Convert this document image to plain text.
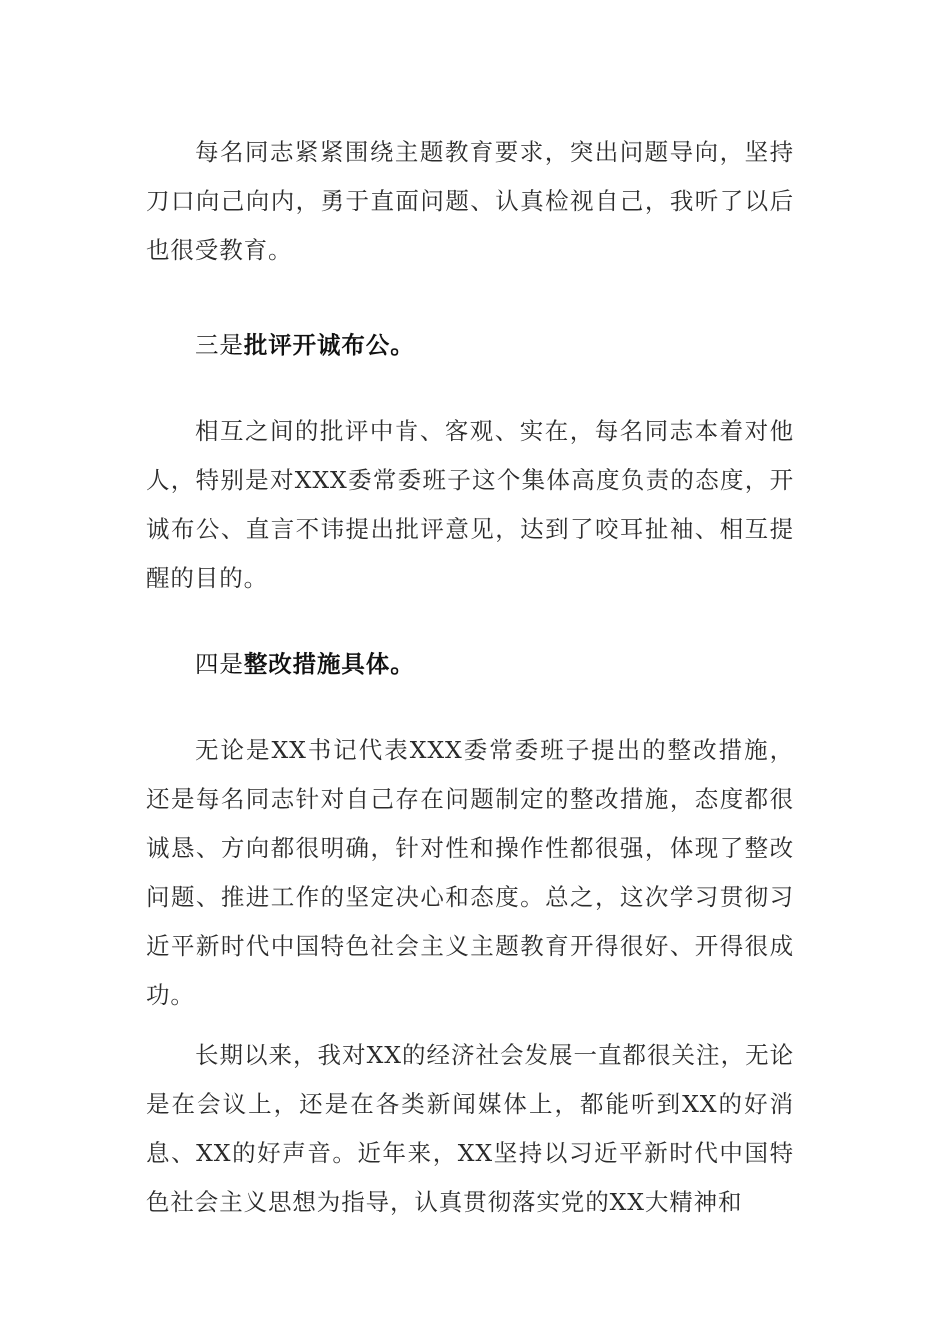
每名同志紧紧围绕主题教育要求，突出问题导向，坚持刀口向己向内，勇于直面问题、认真检视自己，我听了以后也很受教育。

三是批评开诚布公。

相互之间的批评中肯、客观、实在，每名同志本着对他人，特别是对XXX委常委班子这个集体高度负责的态度，开诚布公、直言不讳提出批评意见，达到了咬耳扯袖、相互提醒的目的。

四是整改措施具体。

无论是XX书记代表XXX委常委班子提出的整改措施，还是每名同志针对自己存在问题制定的整改措施，态度都很诚恳、方向都很明确，针对性和操作性都很强，体现了整改问题、推进工作的坚定决心和态度。总之，这次学习贯彻习近平新时代中国特色社会主义主题教育开得很好、开得很成功。

长期以来，我对XX的经济社会发展一直都很关注，无论是在会议上，还是在各类新闻媒体上，都能听到XX的好消息、XX的好声音。近年来，XX坚持以习近平新时代中国特色社会主义思想为指导，认真贯彻落实党的XX大精神和
